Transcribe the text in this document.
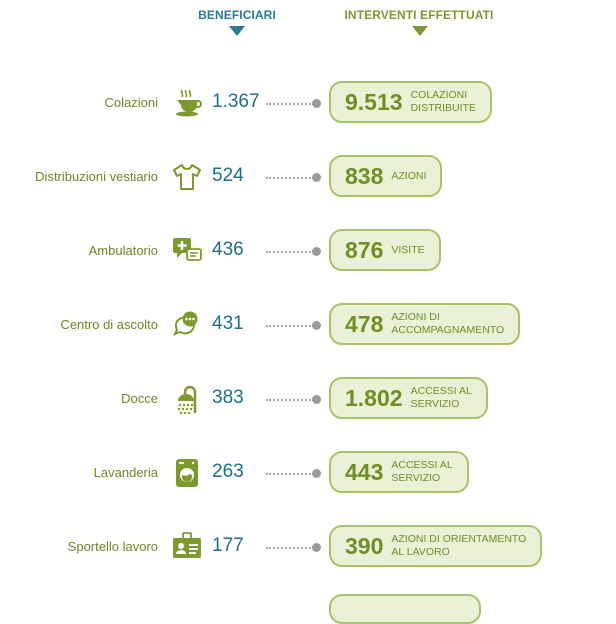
BENEFICIARI	INTERVENTI EFFETTUATI
Colazioni	1.367	9.513 COLAZIONI
DISTRIBUITE
Distribuzioni vestiario	524	838 AZIONI

Ambulatorio	436	876 VISITE

Centro di ascolto	431	478 AZIONI DI
ACCOMPAGNAMENTO
Docce	383	1.802 ACCESSI AL
SERVIZIO
Lavanderia	263	443 ACCESSI AL
SERVIZIO
Sportello lavoro	177	390 AZIONI DI ORIENTAMENTO
AL LAVORO
